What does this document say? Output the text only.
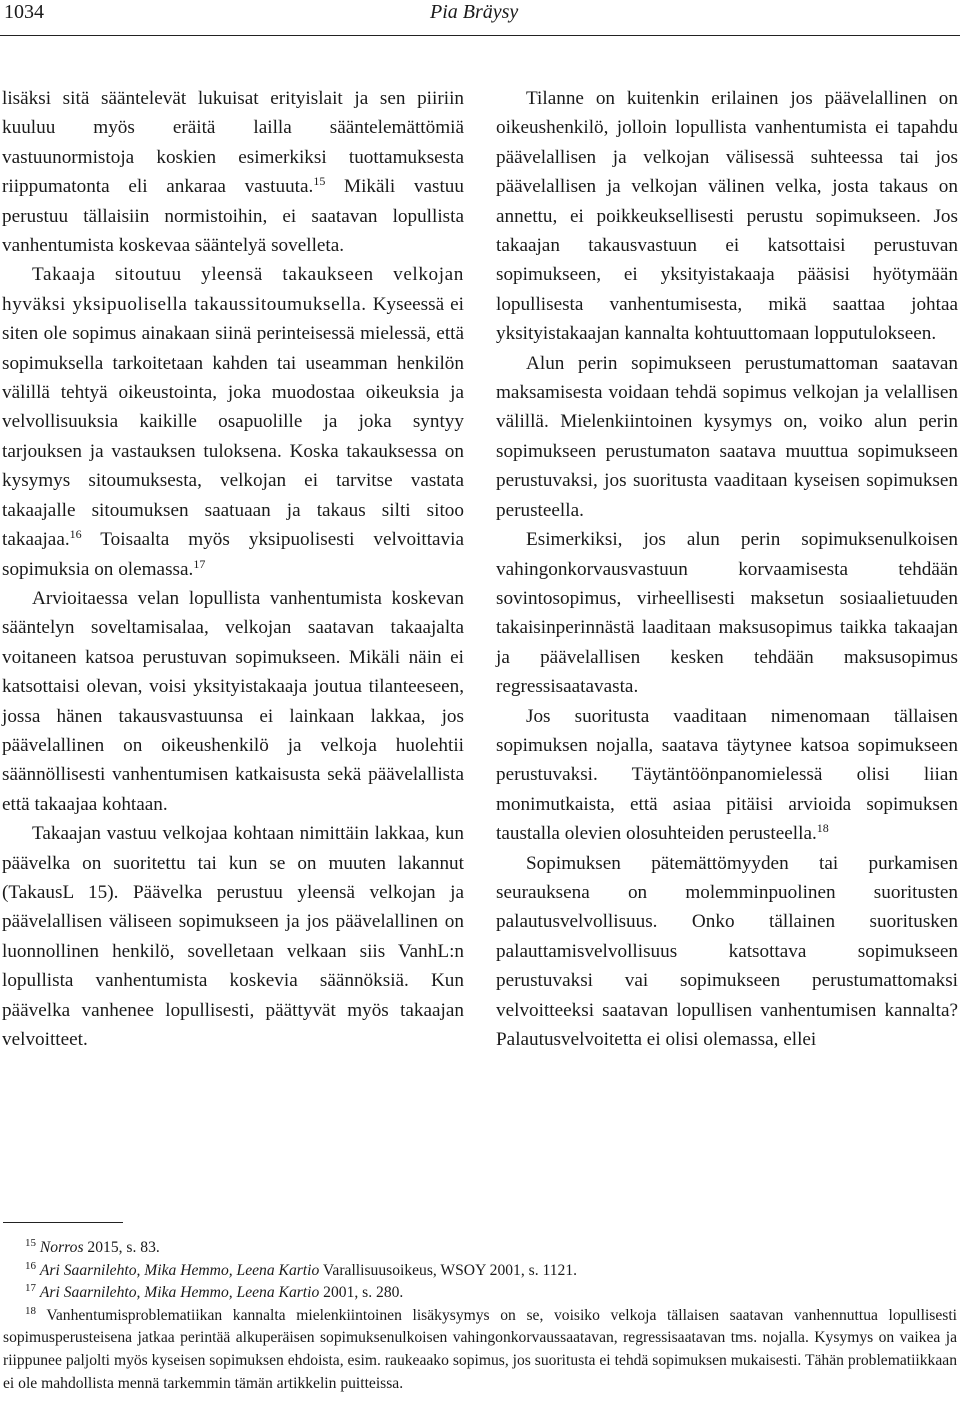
1034	Pia Bräysy

lisäksi sitä sääntelevät lukuisat erityislait ja sen piiriin kuuluu myös eräitä lailla sääntelemättömiä vastuunormistoja koskien esimerkiksi tuottamuksesta riippumatonta eli ankaraa vastuuta.$^{15}$ Mikäli vastuu perustuu tällaisiin normistoihin, ei saatavan lopullista vanhentumista koskevaa sääntelyä sovelleta.

Takaaja sitoutuu yleensä takaukseen velkojan hyväksi yksipuolisella takaussitoumuksella. Kyseessä ei siten ole sopimus ainakaan siinä perinteisessä mielessä, että sopimuksella tarkoitetaan kahden tai useamman henkilön välillä tehtyä oikeustointa, joka muodostaa oikeuksia ja velvollisuuksia kaikille osapuolille ja joka syntyy tarjouksen ja vastauksen tuloksena. Koska takauksessa on kysymys sitoumuksesta, velkojan ei tarvitse vastata takaajalle sitoumuksen saatuaan ja takaus silti sitoo takaajaa.$^{16}$ Toisaalta myös yksipuolisesti velvoittavia sopimuksia on olemassa.$^{17}$

Arvioitaessa velan lopullista vanhentumista koskevan sääntelyn soveltamisalaa, velkojan saatavan takaajalta voitaneen katsoa perustuvan sopimukseen. Mikäli näin ei katsottaisi olevan, voisi yksityistakaaja joutua tilanteeseen, jossa hänen takausvastuunsa ei lainkaan lakkaa, jos päävelallinen on oikeushenkilö ja velkoja huolehtii säännöllisesti vanhentumisen katkaisusta sekä päävelallista että takaajaa kohtaan.

Takaajan vastuu velkojaa kohtaan nimittäin lakkaa, kun päävelka on suoritettu tai kun se on muuten lakannut (TakausL 15). Päävelka perustuu yleensä velkojan ja päävelallisen väliseen sopimukseen ja jos päävelallinen on luonnollinen henkilö, sovelletaan velkaan siis VanhL:n lopullista vanhentumista koskevia säännöksiä. Kun päävelka vanhenee lopullisesti, päättyvät myös takaajan velvoitteet.

Tilanne on kuitenkin erilainen jos päävelallinen on oikeushenkilö, jolloin lopullista vanhentumista ei tapahdu päävelallisen ja velkojan välisessä suhteessa tai jos päävelallisen ja velkojan välinen velka, josta takaus on annettu, ei poikkeuksellisesti perustu sopimukseen. Jos takaajan takausvastuun ei katsottaisi perustuvan sopimukseen, ei yksityistakaaja pääsisi hyötymään lopullisesta vanhentumisesta, mikä saattaa johtaa yksityistakaajan kannalta kohtuuttomaan lopputulokseen.

Alun perin sopimukseen perustumattoman saatavan maksamisesta voidaan tehdä sopimus velkojan ja velallisen välillä. Mielenkiintoinen kysymys on, voiko alun perin sopimukseen perustumaton saatava muuttua sopimukseen perustuvaksi, jos suoritusta vaaditaan kyseisen sopimuksen perusteella.

Esimerkiksi, jos alun perin sopimuksenulkoisen vahingonkorvausvastuun korvaamisesta tehdään sovintosopimus, virheellisesti maksetun sosiaalietuuden takaisinperinnästä laaditaan maksusopimus taikka takaajan ja päävelallisen kesken tehdään maksusopimus regressisaatavasta.

Jos suoritusta vaaditaan nimenomaan tällaisen sopimuksen nojalla, saatava täytynee katsoa sopimukseen perustuvaksi. Täytäntöönpanomielessä olisi liian monimutkaista, että asiaa pitäisi arvioida sopimuksen taustalla olevien olosuhteiden perusteella.$^{18}$

Sopimuksen pätemättömyyden tai purkamisen seurauksena on molemminpuolinen suoritusten palautusvelvollisuus. Onko tällainen suoritusken palauttamisvelvollisuus katsottava sopimukseen perustuvaksi vai sopimukseen perustumattomaksi velvoitteeksi saatavan lopullisen vanhentumisen kannalta? Palautusvelvoitetta ei olisi olemassa, ellei

$^{15}$ Norros 2015, s. 83.

$^{16}$ Ari Saarnilehto, Mika Hemmo, Leena Kartio Varallisuusoikeus, WSOY 2001, s. 1121.

$^{17}$ Ari Saarnilehto, Mika Hemmo, Leena Kartio 2001, s. 280.

$^{18}$ Vanhentumisproblematiikan kannalta mielenkiintoinen lisäkysymys on se, voisiko velkoja tällaisen saatavan vanhennuttua lopullisesti sopimusperusteisena jatkaa perintää alkuperäisen sopimuksenulkoisen vahingonkorvaussaatavan, regressisaatavan tms. nojalla. Kysymys on vaikea ja riippunee paljolti myös kyseisen sopimuksen ehdoista, esim. raukeaako sopimus, jos suoritusta ei tehdä sopimuksen mukaisesti. Tähän problematiikkaan ei ole mahdollista mennä tarkemmin tämän artikkelin puitteissa.
